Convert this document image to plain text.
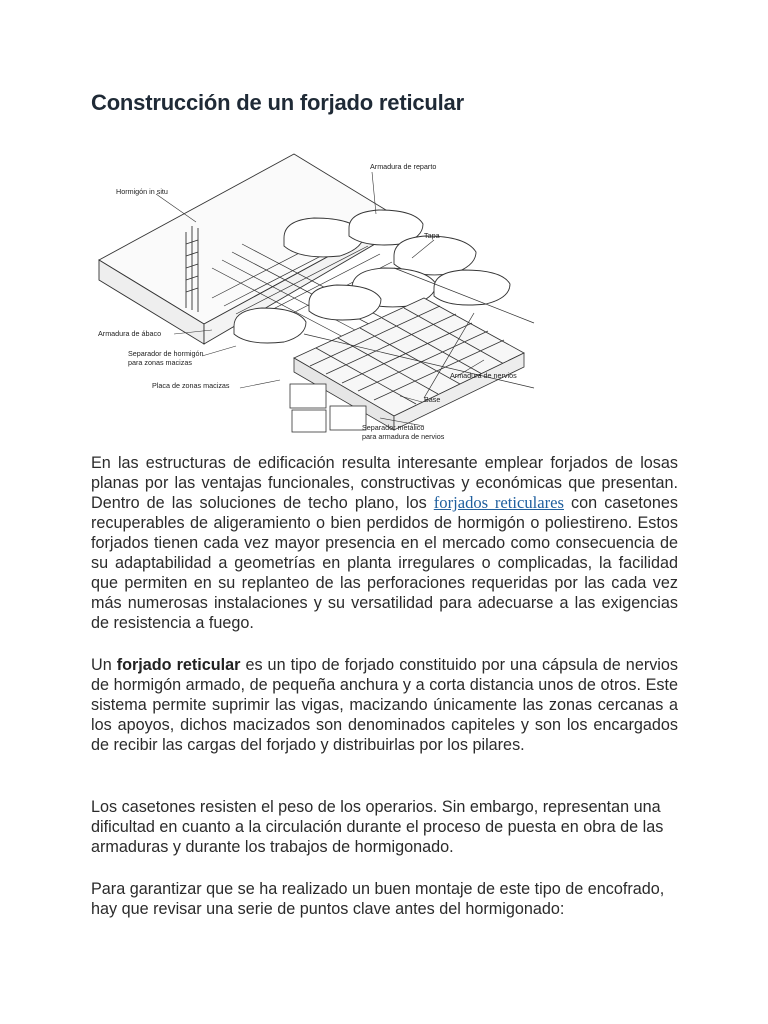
Construcción de un forjado reticular
Hormigón in situ
Armadura de reparto
Tapa
Armadura de ábaco
Separador de hormigón
para zonas macizas
Placa de zonas macizas
Armadura de nervios
Base
Separador metálico
para armadura de nervios

En las estructuras de edificación resulta interesante emplear forjados de losas planas por las ventajas funcionales, constructivas y económicas que presentan. Dentro de las soluciones de techo plano, los forjados reticulares con casetones recuperables de aligeramiento o bien perdidos de hormigón o poliestireno. Estos forjados tienen cada vez mayor presencia en el mercado como consecuencia de su adaptabilidad a geometrías en planta irregulares o complicadas, la facilidad que permiten en su replanteo de las perforaciones requeridas por las cada vez más numerosas instalaciones y su versatilidad para adecuarse a las exigencias de resistencia a fuego.

Un forjado reticular es un tipo de forjado constituido por una cápsula de nervios de hormigón armado, de pequeña anchura y a corta distancia unos de otros. Este sistema permite suprimir las vigas, macizando únicamente las zonas cercanas a los apoyos, dichos macizados son denominados capiteles y son los encargados de recibir las cargas del forjado y distribuirlas por los pilares.

Los casetones resisten el peso de los operarios. Sin embargo, representan una dificultad en cuanto a la circulación durante el proceso de puesta en obra de las armaduras y durante los trabajos de hormigonado.

Para garantizar que se ha realizado un buen montaje de este tipo de encofrado, hay que revisar una serie de puntos clave antes del hormigonado:
